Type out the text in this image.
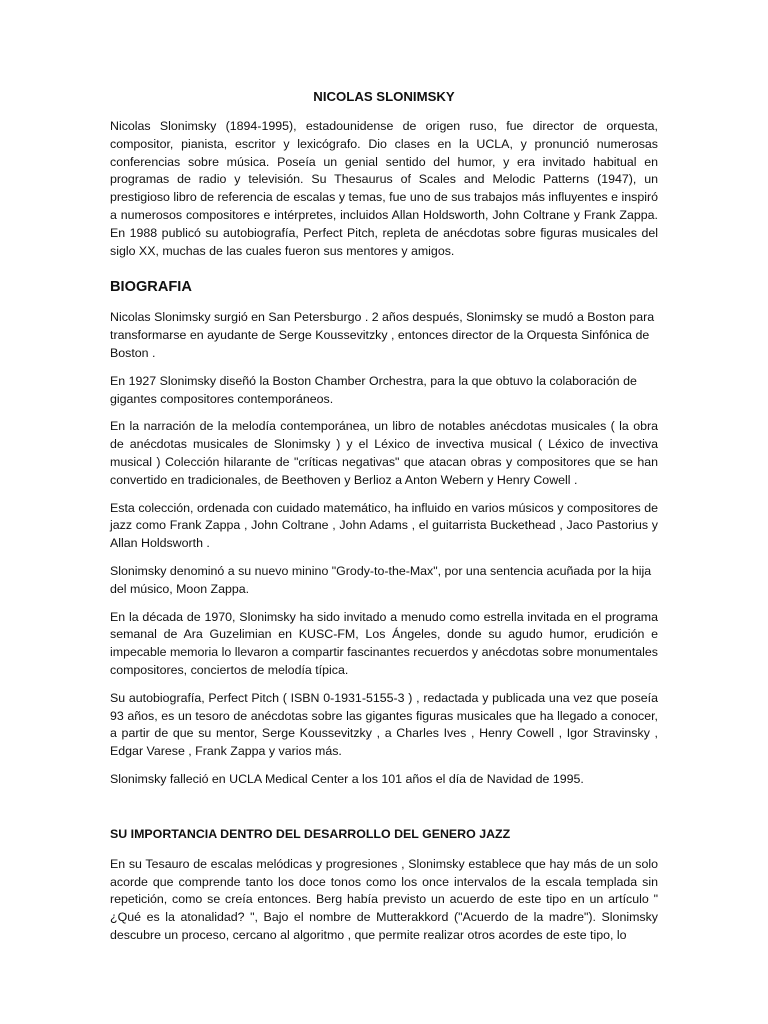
NICOLAS SLONIMSKY

Nicolas Slonimsky (1894-1995), estadounidense de origen ruso, fue director de orquesta, compositor, pianista, escritor y lexicógrafo. Dio clases en la UCLA, y pronunció numerosas conferencias sobre música. Poseía un genial sentido del humor, y era invitado habitual en programas de radio y televisión. Su Thesaurus of Scales and Melodic Patterns (1947), un prestigioso libro de referencia de escalas y temas, fue uno de sus trabajos más influyentes e inspiró a numerosos compositores e intérpretes, incluidos Allan Holdsworth, John Coltrane y Frank Zappa. En 1988 publicó su autobiografía, Perfect Pitch, repleta de anécdotas sobre figuras musicales del siglo XX, muchas de las cuales fueron sus mentores y amigos.

BIOGRAFIA

Nicolas Slonimsky surgió en San Petersburgo . 2 años después, Slonimsky se mudó a Boston para transformarse en ayudante de Serge Koussevitzky , entonces director de la Orquesta Sinfónica de Boston .

En 1927 Slonimsky diseñó la Boston Chamber Orchestra, para la que obtuvo la colaboración de gigantes compositores contemporáneos.

En la narración de la melodía contemporánea, un libro de notables anécdotas musicales ( la obra de anécdotas musicales de Slonimsky ) y el Léxico de invectiva musical ( Léxico de invectiva musical ) Colección hilarante de "críticas negativas" que atacan obras y compositores que se han convertido en tradicionales, de Beethoven y Berlioz a Anton Webern y Henry Cowell .

Esta colección, ordenada con cuidado matemático, ha influido en varios músicos y compositores de jazz como Frank Zappa , John Coltrane , John Adams , el guitarrista Buckethead , Jaco Pastorius y Allan Holdsworth .

Slonimsky denominó a su nuevo minino "Grody-to-the-Max", por una sentencia acuñada por la hija del músico, Moon Zappa.

En la década de 1970, Slonimsky ha sido invitado a menudo como estrella invitada en el programa semanal de Ara Guzelimian en KUSC-FM, Los Ángeles, donde su agudo humor, erudición e impecable memoria lo llevaron a compartir fascinantes recuerdos y anécdotas sobre monumentales compositores, conciertos de melodía típica.

Su autobiografía, Perfect Pitch ( ISBN 0-1931-5155-3 ) , redactada y publicada una vez que poseía 93 años, es un tesoro de anécdotas sobre las gigantes figuras musicales que ha llegado a conocer, a partir de que su mentor, Serge Koussevitzky , a Charles Ives , Henry Cowell , Igor Stravinsky , Edgar Varese , Frank Zappa y varios más.

Slonimsky falleció en UCLA Medical Center a los 101 años el día de Navidad de 1995.

SU IMPORTANCIA DENTRO DEL DESARROLLO DEL GENERO JAZZ

En su Tesauro de escalas melódicas y progresiones , Slonimsky establece que hay más de un solo acorde que comprende tanto los doce tonos como los once intervalos de la escala templada sin repetición, como se creía entonces. Berg había previsto un acuerdo de este tipo en un artículo " ¿Qué es la atonalidad? ", Bajo el nombre de Mutterakkord ("Acuerdo de la madre"). Slonimsky descubre un proceso, cercano al algoritmo , que permite realizar otros acordes de este tipo, lo
